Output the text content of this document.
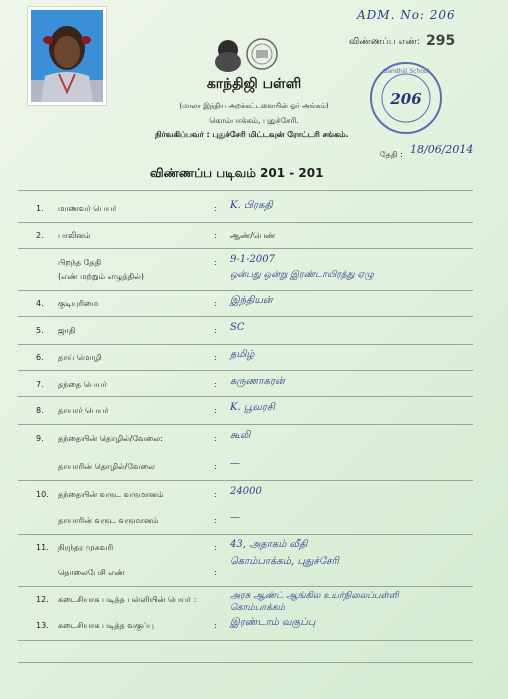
ADM. No: 206
விண்ணப்ப எண்: 295
காந்திஜி பள்ளி
(மாலா இந்திய அறக்கட்டளையின் ஓர் அங்கம்)
கொம்பாக்கம், புதுச்சேரி.
நிர்வகிப்பவர் : புதுச்சேரி மிட்டவுன் ரோட்டரி சங்கம்.
Gandhiji School
206
தேதி : 18/06/2014
விண்ணப்ப படிவம் 201 - 201
1. மாணவர் பெயர்	: K. பிரகதி
2. பாலினம்	: ஆண்/பெண்
பிறந்த தேதி	: 9-1-2007
(எண் மற்றும் எழுத்தில்)	ஒன்பது ஒன்று இரண்டாயிரத்து ஏழு
4. குடியுரிமை	: இந்தியன்
5. ஜாதி	: SC
6. தாய் மொழி	: தமிழ்
7. தந்தை பெயர்	: கருணாகரன்
8. தாயார் பெயர்	: K. பூவரசி
9. தந்தையின் தொழில்/வேலை:	: கூலி
தாயாரின் தொழில்/வேலை	: —
10. தந்தையின் வருட வருமானம்	: 24000
தாயாரின் வருட வருமானம்	: —
11. நிரந்தர முகவரி	: 43, அதாகம் வீதி
தொலைபேசி எண்	:
கொம்பாக்கம், புதுச்சேரி
12. கடைசியாக படித்த பள்ளியின் பெயர் :	அரசு ஆண்ட் ஆங்கில உயர்நிலைப்பள்ளி
கொம்பாக்கம்
13. கடைசியாக படித்த வகுப்பு	: இரண்டாம் வகுப்பு
